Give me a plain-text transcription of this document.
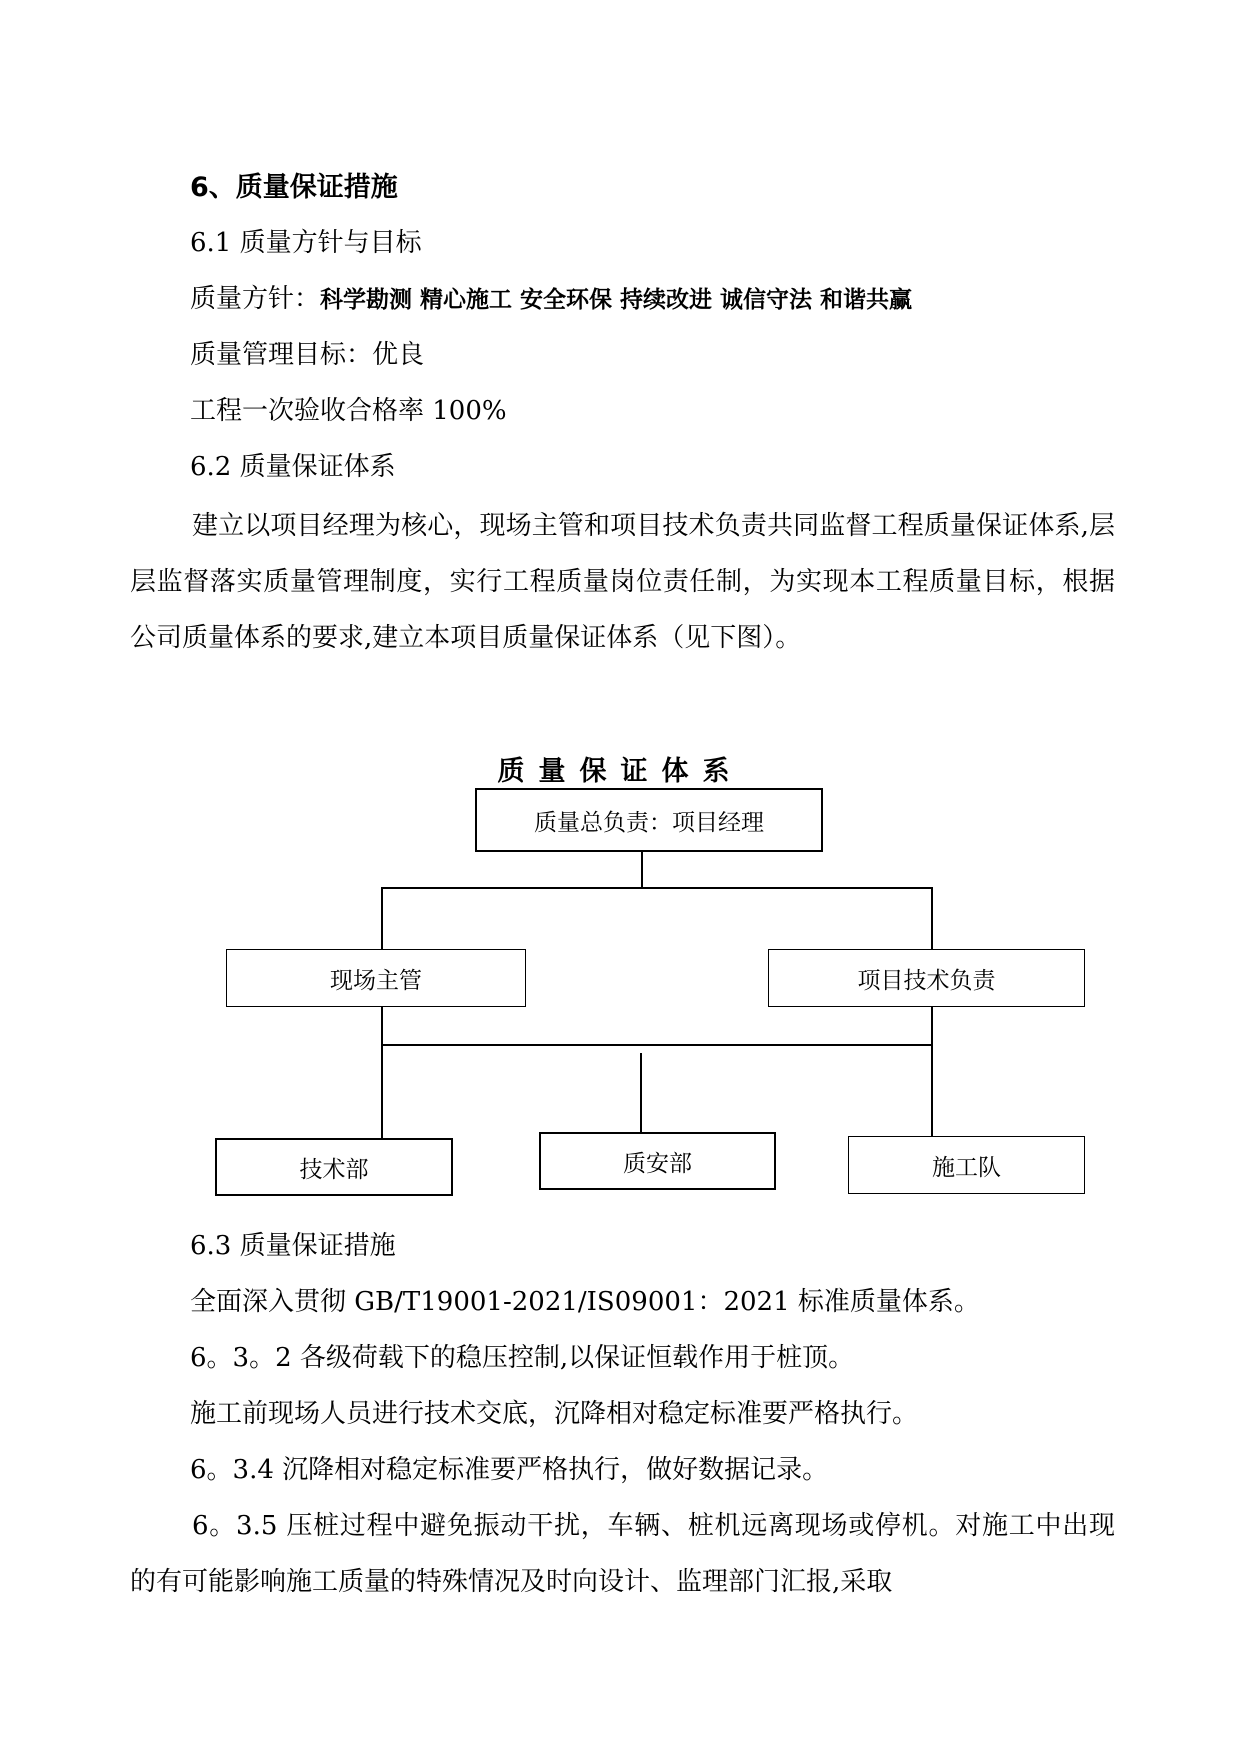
6、质量保证措施
6.1 质量方针与目标
质量方针：科学勘测 精心施工 安全环保 持续改进 诚信守法 和谐共赢
质量管理目标：优良
工程一次验收合格率 100%
6.2 质量保证体系
建立以项目经理为核心，现场主管和项目技术负责共同监督工程质量保证体系,层层监督落实质量管理制度，实行工程质量岗位责任制，为实现本工程质量目标，根据公司质量体系的要求,建立本项目质量保证体系（见下图）。
质量保证体系
质量总负责：项目经理
现场主管	项目技术负责
技术部	质安部	施工队
6.3 质量保证措施
全面深入贯彻 GB/T19001-2021/IS09001：2021 标准质量体系。
6。3。2 各级荷载下的稳压控制,以保证恒载作用于桩顶。
施工前现场人员进行技术交底，沉降相对稳定标准要严格执行。
6。3.4 沉降相对稳定标准要严格执行，做好数据记录。
6。3.5 压桩过程中避免振动干扰，车辆、桩机远离现场或停机。对施工中出现的有可能影响施工质量的特殊情况及时向设计、监理部门汇报,采取
